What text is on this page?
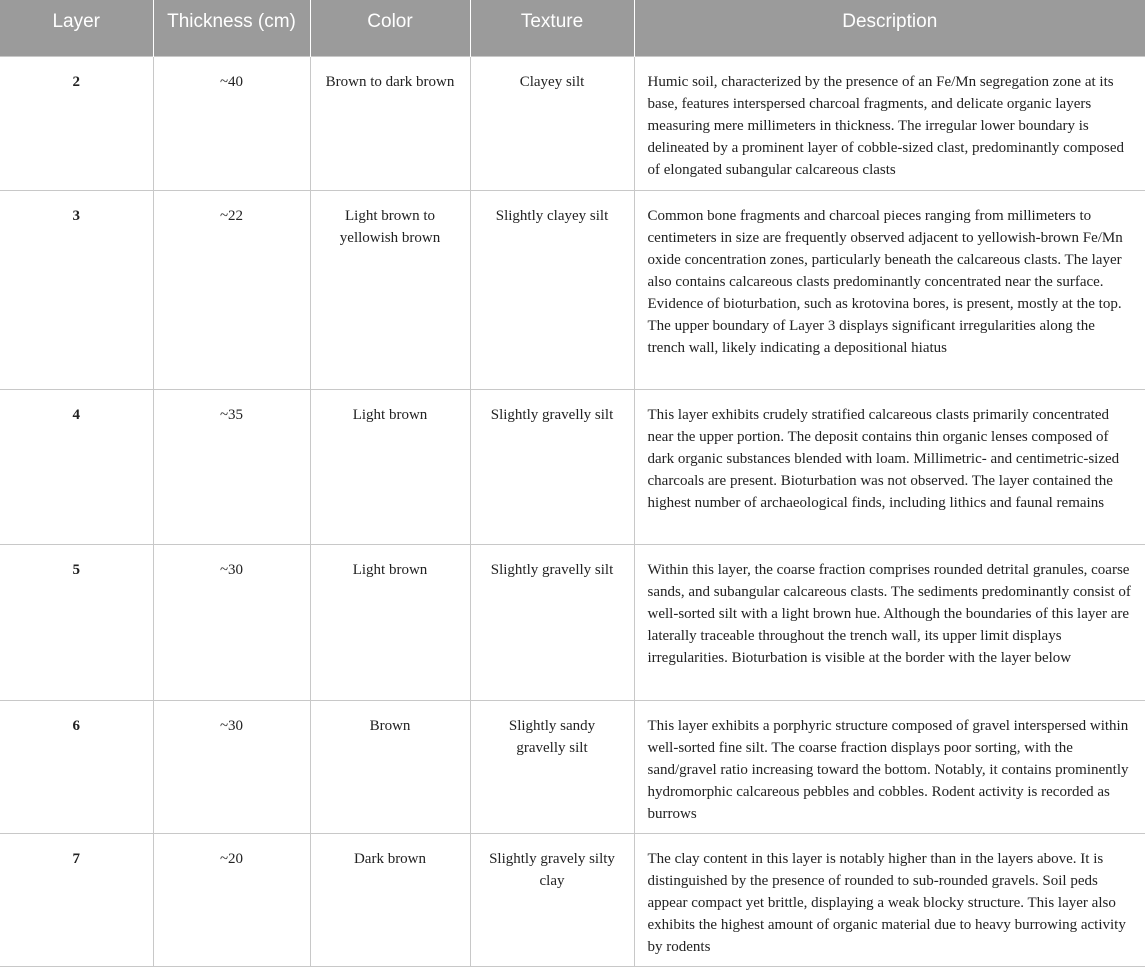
Layer	Thickness (cm)	Color	Texture	Description
2	~40	Brown to dark brown	Clayey silt	Humic soil, characterized by the presence of an Fe/Mn segregation zone at its base, features interspersed charcoal fragments, and delicate organic layers measuring mere millimeters in thickness. The irregular lower boundary is delineated by a prominent layer of cobble-sized clast, predominantly composed of elongated subangular calcareous clasts
3	~22	Light brown to yellowish brown	Slightly clayey silt	Common bone fragments and charcoal pieces ranging from millimeters to centimeters in size are frequently observed adjacent to yellowish-brown Fe/Mn oxide concentration zones, particularly beneath the calcareous clasts. The layer also contains calcareous clasts predominantly concentrated near the surface. Evidence of bioturbation, such as krotovina bores, is present, mostly at the top. The upper boundary of Layer 3 displays significant irregularities along the trench wall, likely indicating a depositional hiatus
4	~35	Light brown	Slightly gravelly silt	This layer exhibits crudely stratified calcareous clasts primarily concentrated near the upper portion. The deposit contains thin organic lenses composed of dark organic substances blended with loam. Millimetric- and centimetric-sized charcoals are present. Bioturbation was not observed. The layer contained the highest number of archaeological finds, including lithics and faunal remains
5	~30	Light brown	Slightly gravelly silt	Within this layer, the coarse fraction comprises rounded detrital granules, coarse sands, and subangular calcareous clasts. The sediments predominantly consist of well-sorted silt with a light brown hue. Although the boundaries of this layer are laterally traceable throughout the trench wall, its upper limit displays irregularities. Bioturbation is visible at the border with the layer below
6	~30	Brown	Slightly sandy gravelly silt	This layer exhibits a porphyric structure composed of gravel interspersed within well-sorted fine silt. The coarse fraction displays poor sorting, with the sand/gravel ratio increasing toward the bottom. Notably, it contains prominently hydromorphic calcareous pebbles and cobbles. Rodent activity is recorded as burrows
7	~20	Dark brown	Slightly gravely silty clay	The clay content in this layer is notably higher than in the layers above. It is distinguished by the presence of rounded to sub-rounded gravels. Soil peds appear compact yet brittle, displaying a weak blocky structure. This layer also exhibits the highest amount of organic material due to heavy burrowing activity by rodents
